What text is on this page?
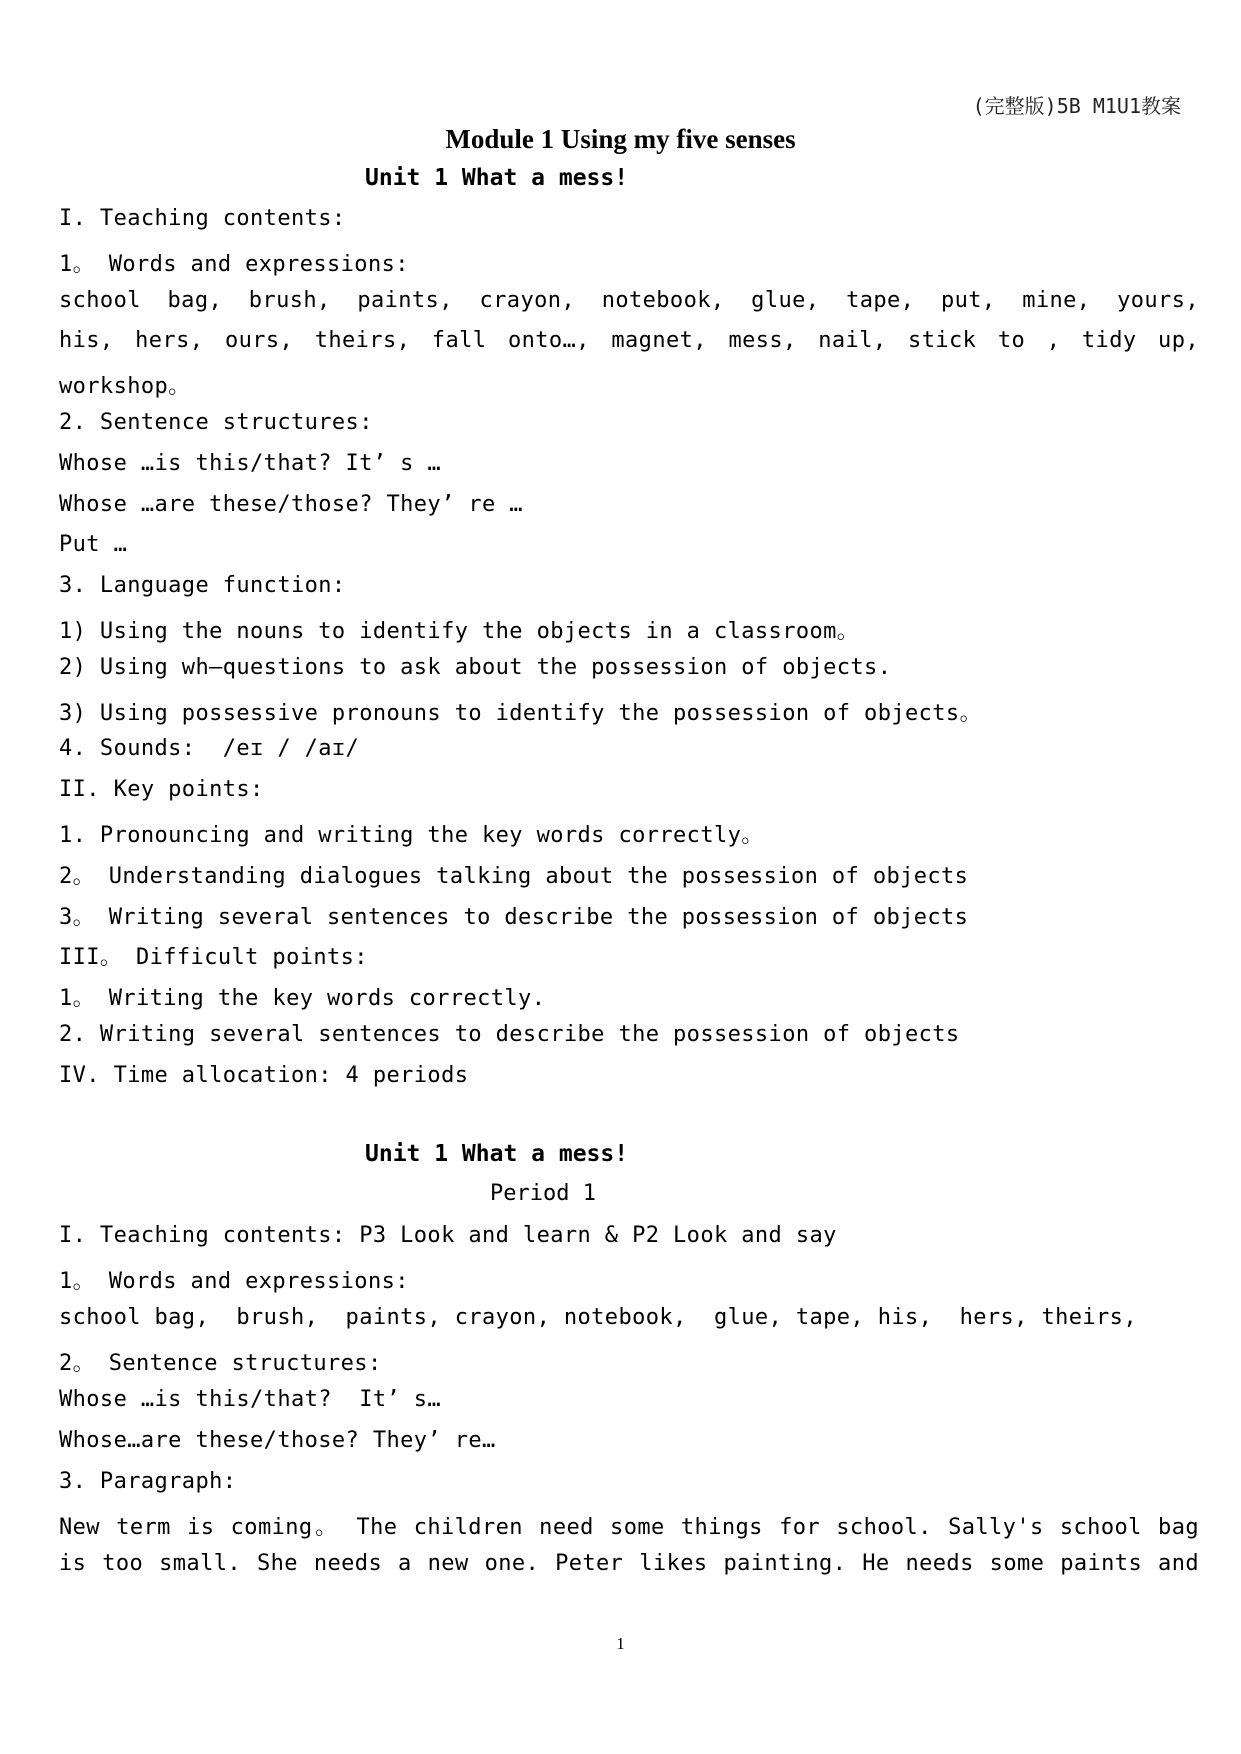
(完整版)5B M1U1教案
Module 1 Using my five senses
Unit 1 What a mess!
I. Teaching contents:
1。 Words and expressions:
school bag, brush, paints, crayon, notebook, glue, tape, put, mine, yours,
his, hers, ours, theirs, fall onto…, magnet, mess, nail, stick to , tidy up,
workshop。
2. Sentence structures:
Whose …is this/that? It’ s …
Whose …are these/those? They’ re …
Put …
3. Language function:
1) Using the nouns to identify the objects in a classroom。
2) Using wh—questions to ask about the possession of objects.
3) Using possessive pronouns to identify the possession of objects。
4. Sounds:  /eɪ / /aɪ/
II. Key points:
1. Pronouncing and writing the key words correctly。
2。 Understanding dialogues talking about the possession of objects
3。 Writing several sentences to describe the possession of objects
III。 Difficult points:
1。 Writing the key words correctly.
2. Writing several sentences to describe the possession of objects
IV. Time allocation: 4 periods
Unit 1 What a mess!
Period 1
I. Teaching contents: P3 Look and learn & P2 Look and say
1。 Words and expressions:
school bag,  brush,  paints, crayon, notebook,  glue, tape, his,  hers, theirs,
2。 Sentence structures:
Whose …is this/that?  It’ s…
Whose…are these/those? They’ re…
3. Paragraph:
New term is coming。 The children need some things for school. Sally's school bag
is too small. She needs a new one. Peter likes painting. He needs some paints and
1
